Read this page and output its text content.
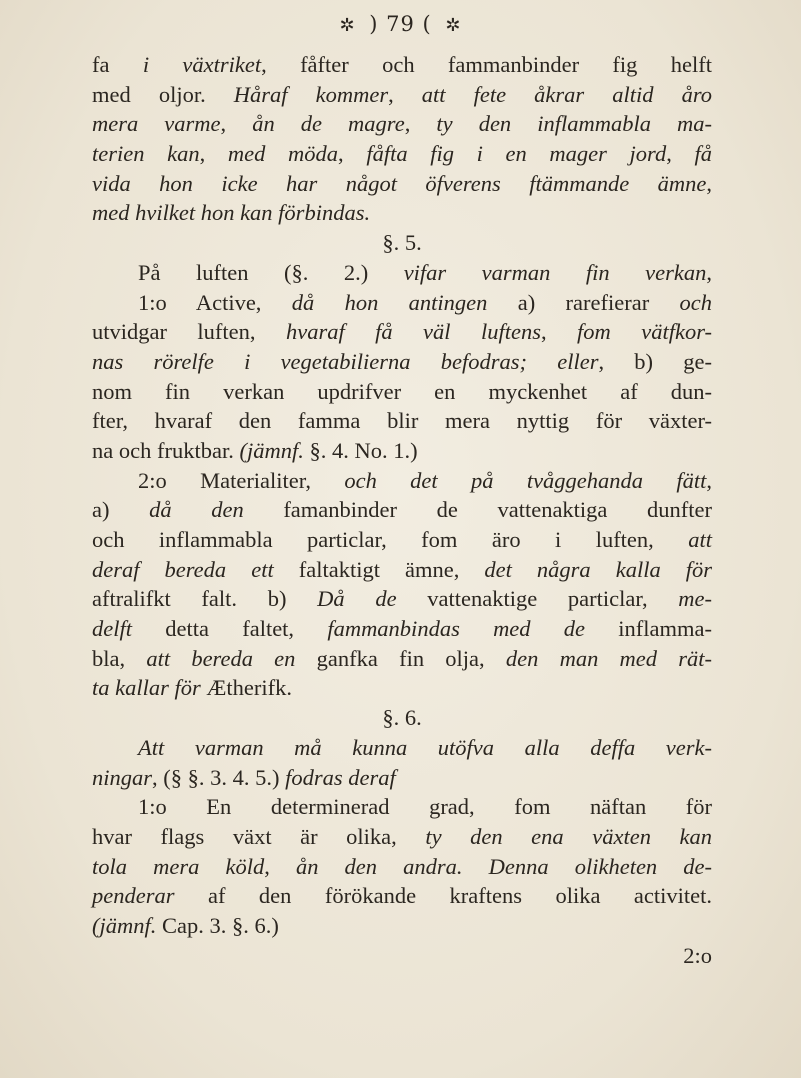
✲ ) 79 ( ✲
fa i växtriket, fåfter och fammanbinder fig helft
med oljor. Håraf kommer, att fete åkrar altid åro
mera varme, ån de magre, ty den inflammabla ma-
terien kan, med möda, fåfta fig i en mager jord, få
vida hon icke har något öfverens ftämmande ämne,
med hvilket hon kan förbindas.
§. 5.
På luften (§. 2.) vifar varman fin verkan,
1:o Active, då hon antingen a) rarefierar och
utvidgar luften, hvaraf få väl luftens, fom vätfkor-
nas rörelfe i vegetabilierna befodras; eller, b) ge-
nom fin verkan updrifver en myckenhet af dun-
fter, hvaraf den famma blir mera nyttig för växter-
na och fruktbar. (jämnf. §. 4. No. 1.)
2:o Materialiter, och det på tvåggehanda fätt,
a) då den famanbinder de vattenaktiga dunfter
och inflammabla particlar, fom äro i luften, att
deraf bereda ett faltaktigt ämne, det några kalla för
aftralifkt falt. b) Då de vattenaktige particlar, me-
delft detta faltet, fammanbindas med de inflamma-
bla, att bereda en ganfka fin olja, den man med rät-
ta kallar för Ætherifk.
§. 6.
Att varman må kunna utöfva alla deffa verk-
ningar, (§ §. 3. 4. 5.) fodras deraf
1:o En determinerad grad, fom näftan för
hvar flags växt är olika, ty den ena växten kan
tola mera köld, ån den andra. Denna olikheten de-
penderar af den förökande kraftens olika activitet.
(jämnf. Cap. 3. §. 6.)
2:o
